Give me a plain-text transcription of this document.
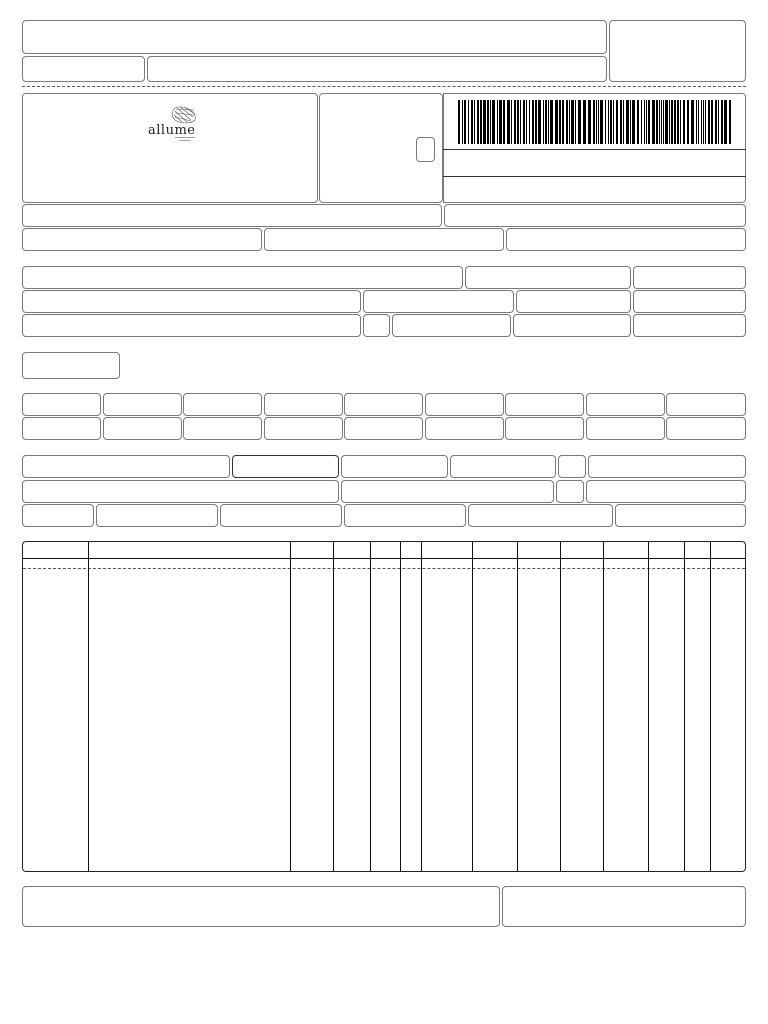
allume
